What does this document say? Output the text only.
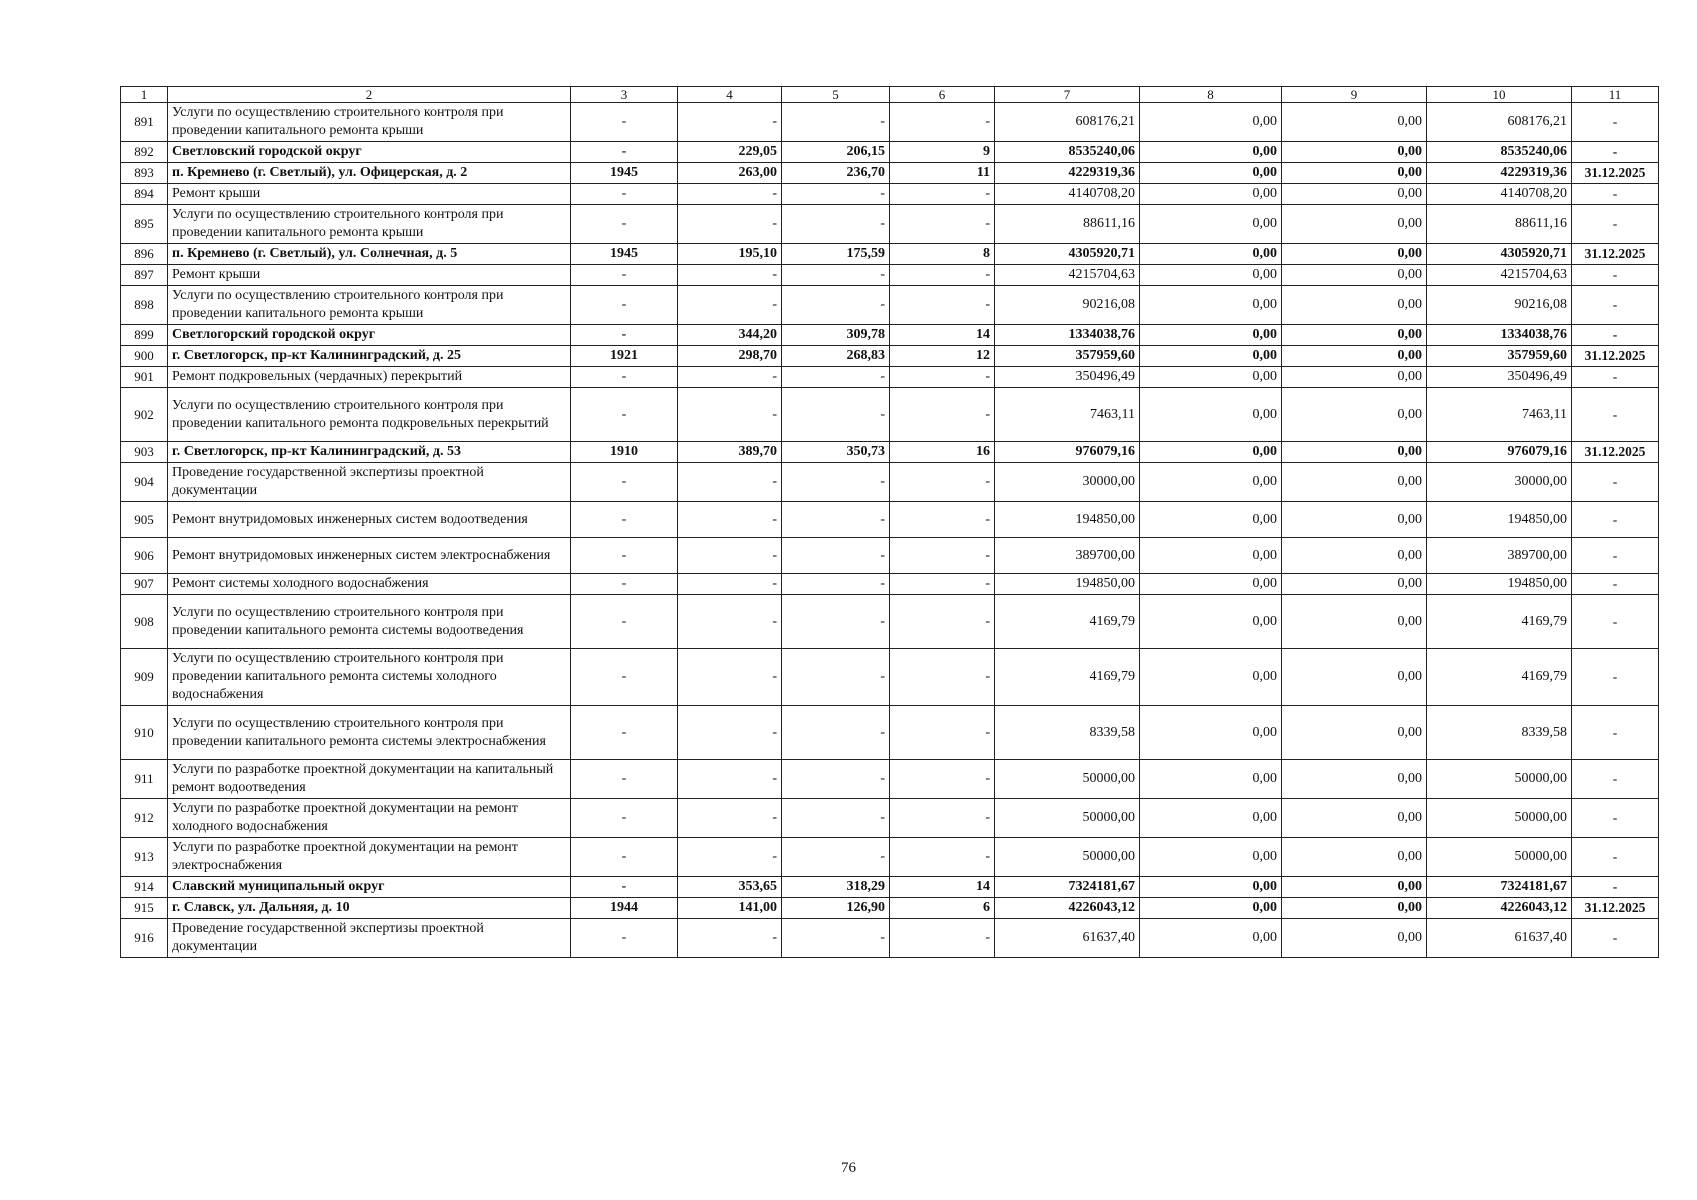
1	2	3	4	5	6	7	8	9	10	11
891	Услуги по осуществлению строительного контроля при проведении капитального ремонта крыши	-	-	-	-	608176,21	0,00	0,00	608176,21	-
892	Светловский городской округ	-	229,05	206,15	9	8535240,06	0,00	0,00	8535240,06	-
893	п. Кремнево (г. Светлый), ул. Офицерская, д. 2	1945	263,00	236,70	11	4229319,36	0,00	0,00	4229319,36	31.12.2025
894	Ремонт крыши	-	-	-	-	4140708,20	0,00	0,00	4140708,20	-
895	Услуги по осуществлению строительного контроля при проведении капитального ремонта крыши	-	-	-	-	88611,16	0,00	0,00	88611,16	-
896	п. Кремнево (г. Светлый), ул. Солнечная, д. 5	1945	195,10	175,59	8	4305920,71	0,00	0,00	4305920,71	31.12.2025
897	Ремонт крыши	-	-	-	-	4215704,63	0,00	0,00	4215704,63	-
898	Услуги по осуществлению строительного контроля при проведении капитального ремонта крыши	-	-	-	-	90216,08	0,00	0,00	90216,08	-
899	Светлогорский городской округ	-	344,20	309,78	14	1334038,76	0,00	0,00	1334038,76	-
900	г. Светлогорск, пр-кт Калининградский, д. 25	1921	298,70	268,83	12	357959,60	0,00	0,00	357959,60	31.12.2025
901	Ремонт подкровельных (чердачных) перекрытий	-	-	-	-	350496,49	0,00	0,00	350496,49	-
902	Услуги по осуществлению строительного контроля при проведении капитального ремонта подкровельных перекрытий	-	-	-	-	7463,11	0,00	0,00	7463,11	-
903	г. Светлогорск, пр-кт Калининградский, д. 53	1910	389,70	350,73	16	976079,16	0,00	0,00	976079,16	31.12.2025
904	Проведение государственной экспертизы проектной документации	-	-	-	-	30000,00	0,00	0,00	30000,00	-
905	Ремонт внутридомовых инженерных систем водоотведения	-	-	-	-	194850,00	0,00	0,00	194850,00	-
906	Ремонт внутридомовых инженерных систем электроснабжения	-	-	-	-	389700,00	0,00	0,00	389700,00	-
907	Ремонт системы холодного водоснабжения	-	-	-	-	194850,00	0,00	0,00	194850,00	-
908	Услуги по осуществлению строительного контроля при проведении капитального ремонта системы водоотведения	-	-	-	-	4169,79	0,00	0,00	4169,79	-
909	Услуги по осуществлению строительного контроля при проведении капитального ремонта системы холодного водоснабжения	-	-	-	-	4169,79	0,00	0,00	4169,79	-
910	Услуги по осуществлению строительного контроля при проведении капитального ремонта системы электроснабжения	-	-	-	-	8339,58	0,00	0,00	8339,58	-
911	Услуги по разработке проектной документации на капитальный ремонт водоотведения	-	-	-	-	50000,00	0,00	0,00	50000,00	-
912	Услуги по разработке проектной документации на ремонт холодного водоснабжения	-	-	-	-	50000,00	0,00	0,00	50000,00	-
913	Услуги по разработке проектной документации на ремонт электроснабжения	-	-	-	-	50000,00	0,00	0,00	50000,00	-
914	Славский муниципальный округ	-	353,65	318,29	14	7324181,67	0,00	0,00	7324181,67	-
915	г. Славск, ул. Дальняя, д. 10	1944	141,00	126,90	6	4226043,12	0,00	0,00	4226043,12	31.12.2025
916	Проведение государственной экспертизы проектной документации	-	-	-	-	61637,40	0,00	0,00	61637,40	-
76
